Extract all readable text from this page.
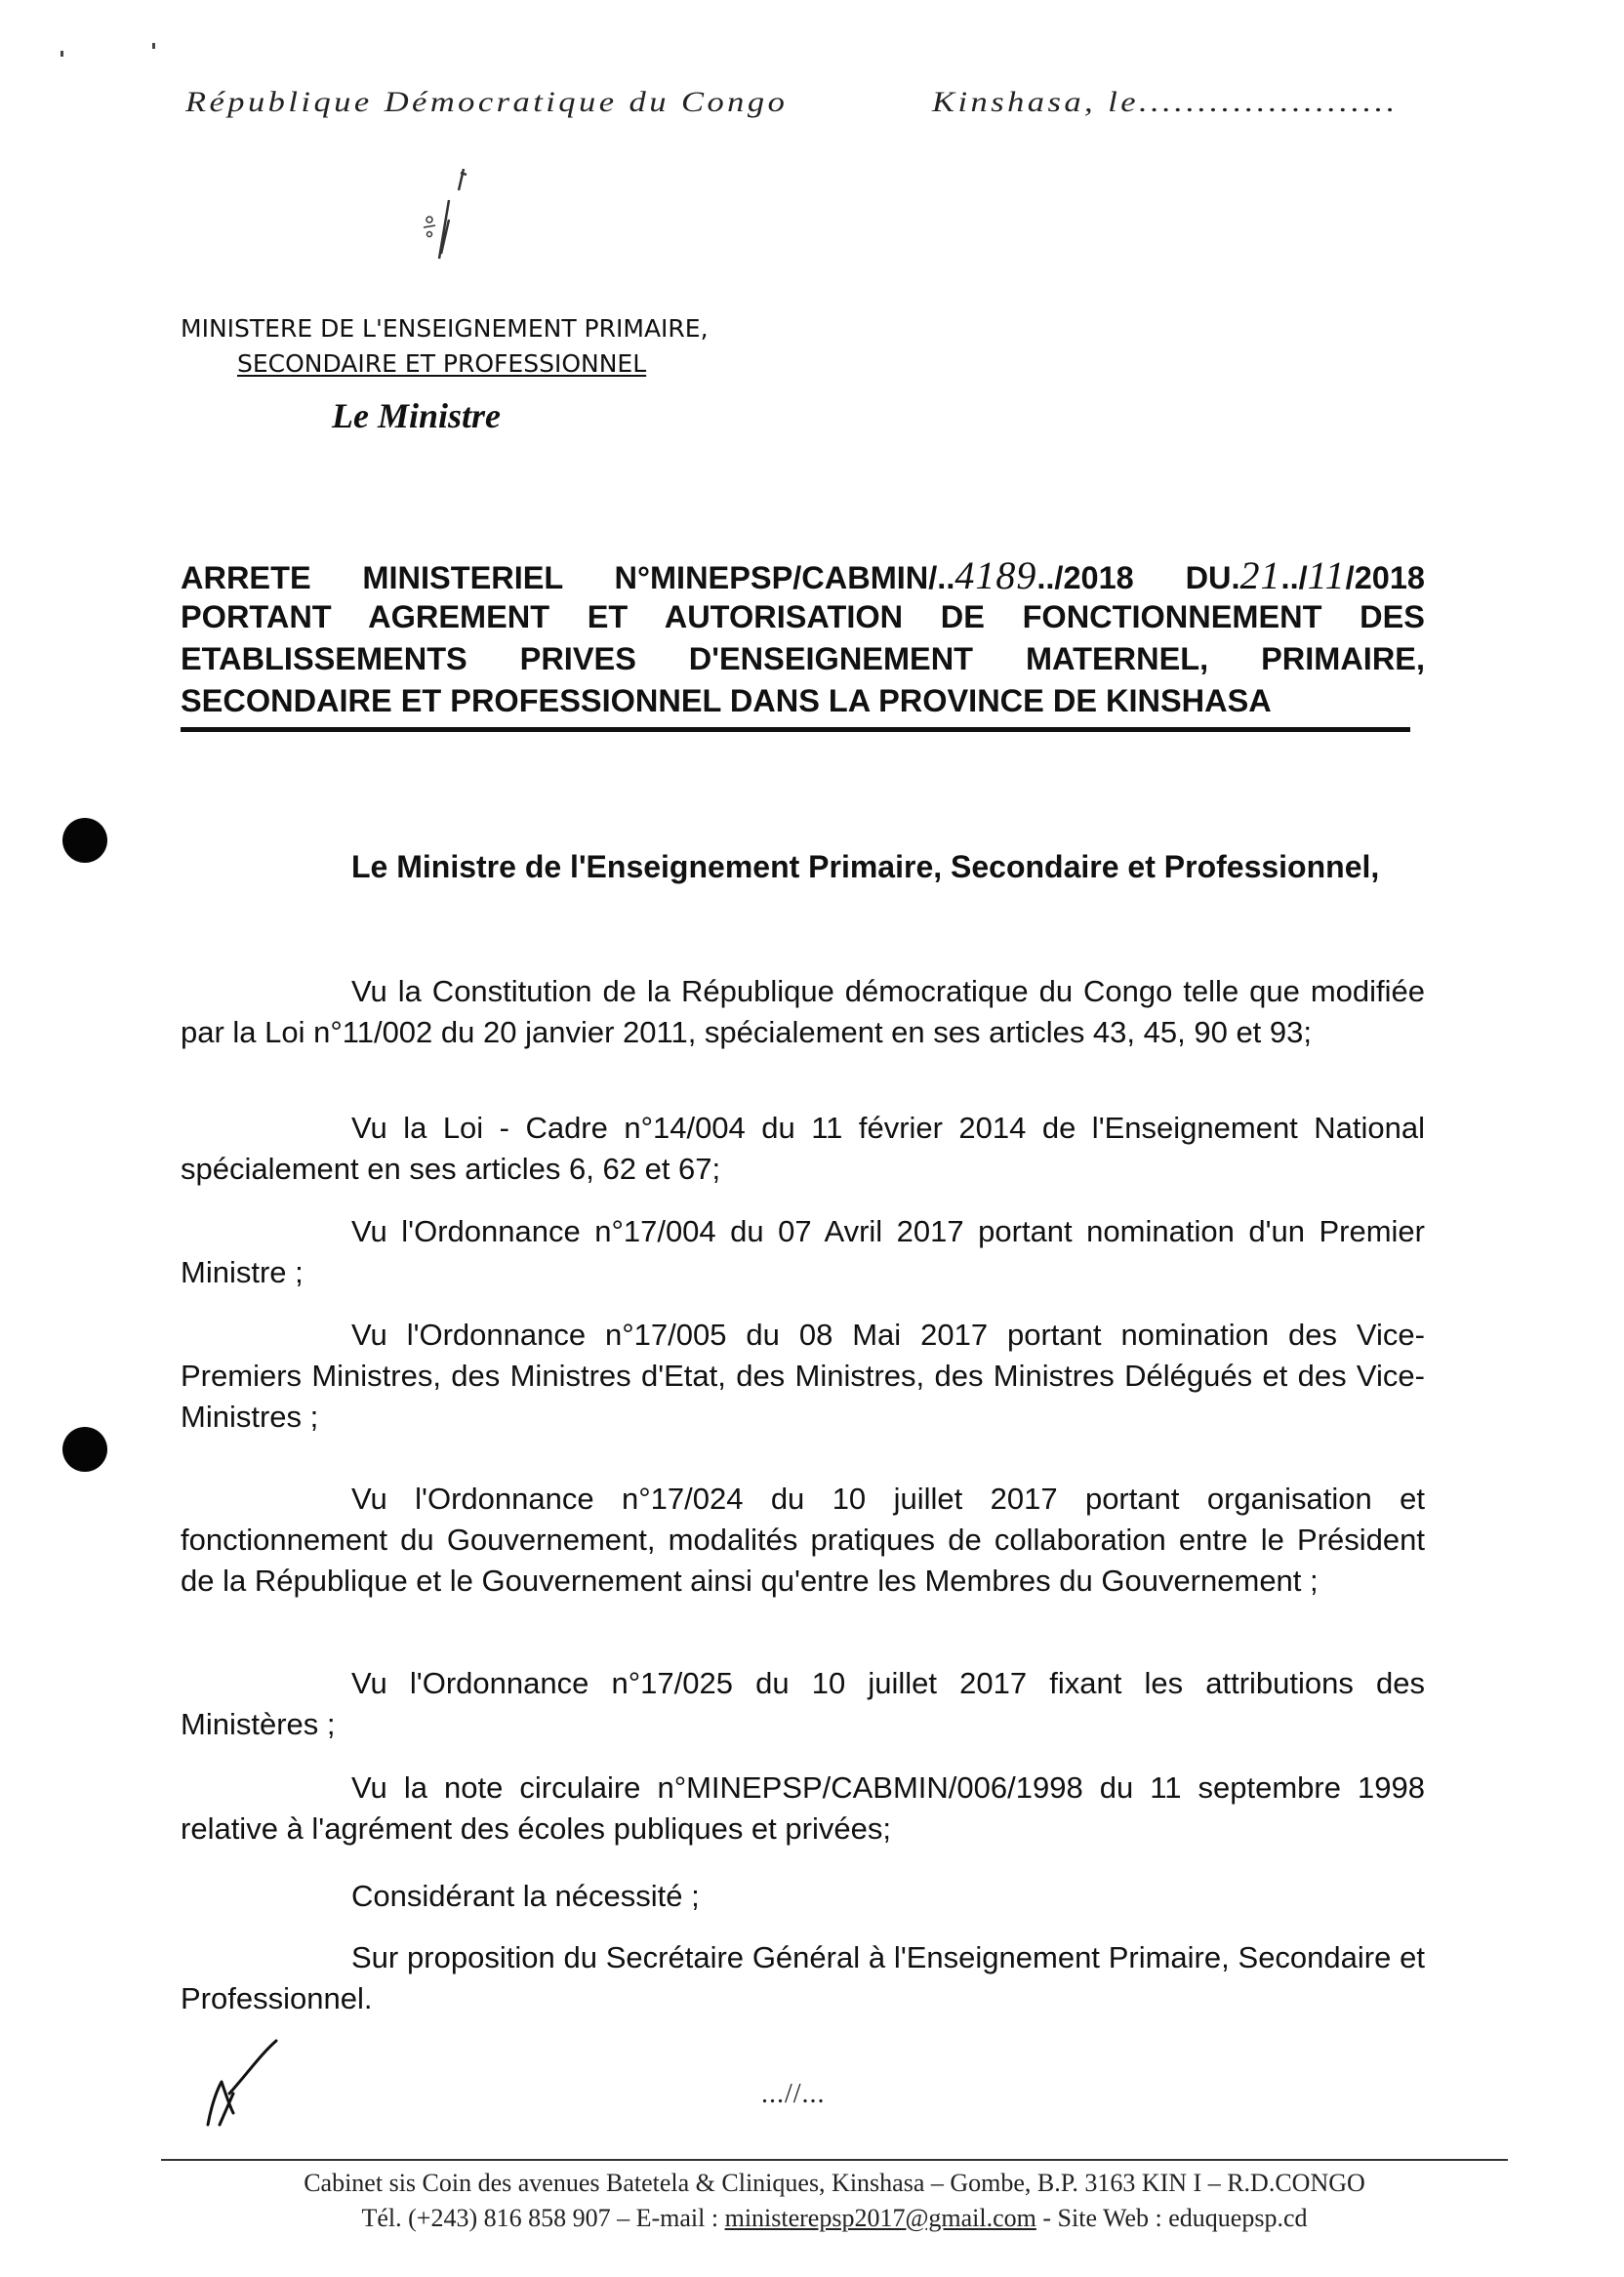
République Démocratique du Congo	Kinshasa, le......................
MINISTERE DE L'ENSEIGNEMENT PRIMAIRE,
SECONDAIRE ET PROFESSIONNEL
Le Ministre
ARRETE MINISTERIEL N°MINEPSP/CABMIN/..4189../2018 DU.21../11/2018
PORTANT AGREMENT ET AUTORISATION DE FONCTIONNEMENT DES
ETABLISSEMENTS PRIVES D'ENSEIGNEMENT MATERNEL, PRIMAIRE,
SECONDAIRE ET PROFESSIONNEL DANS LA PROVINCE DE KINSHASA
Le Ministre de l'Enseignement Primaire, Secondaire et Professionnel,
Vu la Constitution de la République démocratique du Congo telle que modifiée par la Loi n°11/002 du 20 janvier 2011, spécialement en ses articles 43, 45, 90 et 93;
Vu la Loi - Cadre n°14/004 du 11 février 2014 de l'Enseignement National spécialement en ses articles 6, 62 et 67;
Vu l'Ordonnance n°17/004 du 07 Avril 2017 portant nomination d'un Premier Ministre ;
Vu l'Ordonnance n°17/005 du 08 Mai 2017 portant nomination des Vice-Premiers Ministres, des Ministres d'Etat, des Ministres, des Ministres Délégués et des Vice-Ministres ;
Vu l'Ordonnance n°17/024 du 10 juillet 2017 portant organisation et fonctionnement du Gouvernement, modalités pratiques de collaboration entre le Président de la République et le Gouvernement ainsi qu'entre les Membres du Gouvernement ;
Vu l'Ordonnance n°17/025 du 10 juillet 2017 fixant les attributions des Ministères ;
Vu la note circulaire n°MINEPSP/CABMIN/006/1998 du 11 septembre 1998 relative à l'agrément des écoles publiques et privées;
Considérant la nécessité ;
Sur proposition du Secrétaire Général à l'Enseignement Primaire, Secondaire et Professionnel.
...//...
Cabinet sis Coin des avenues Batetela & Cliniques, Kinshasa – Gombe, B.P. 3163 KIN I – R.D.CONGO
Tél. (+243) 816 858 907 – E-mail : ministerepsp2017@gmail.com - Site Web : eduquepsp.cd
